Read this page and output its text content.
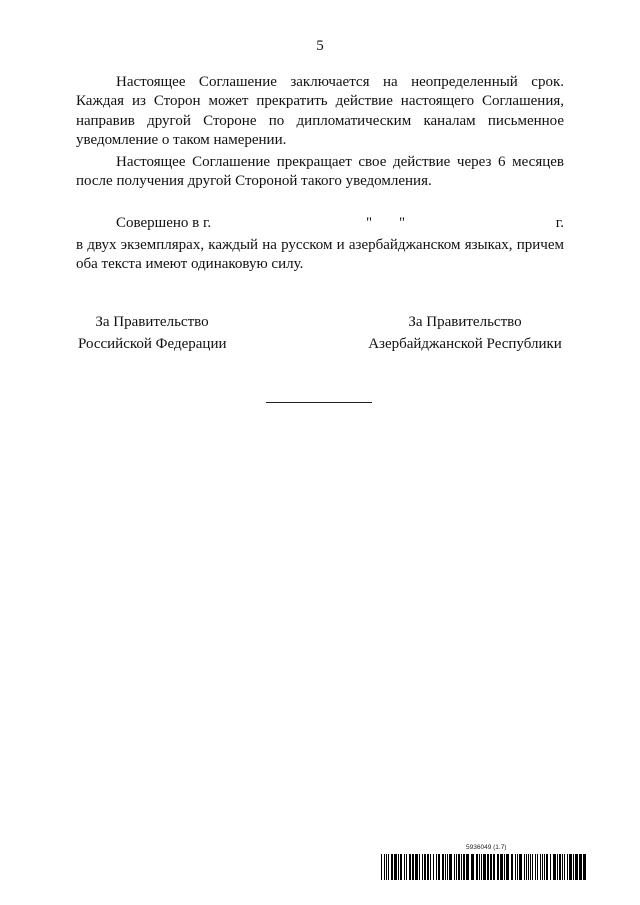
5

Настоящее Соглашение заключается на неопределенный срок. Каждая из Сторон может прекратить действие настоящего Соглашения, направив другой Стороне по дипломатическим каналам письменное уведомление о таком намерении.

Настоящее Соглашение прекращает свое действие через 6 месяцев после получения другой Стороной такого уведомления.

Совершено в г.	" "	г.

в двух экземплярах, каждый на русском и азербайджанском языках, причем оба текста имеют одинаковую силу.

За Правительство
Российской Федерации
За Правительство
Азербайджанской Республики
5936049 (1.7)
